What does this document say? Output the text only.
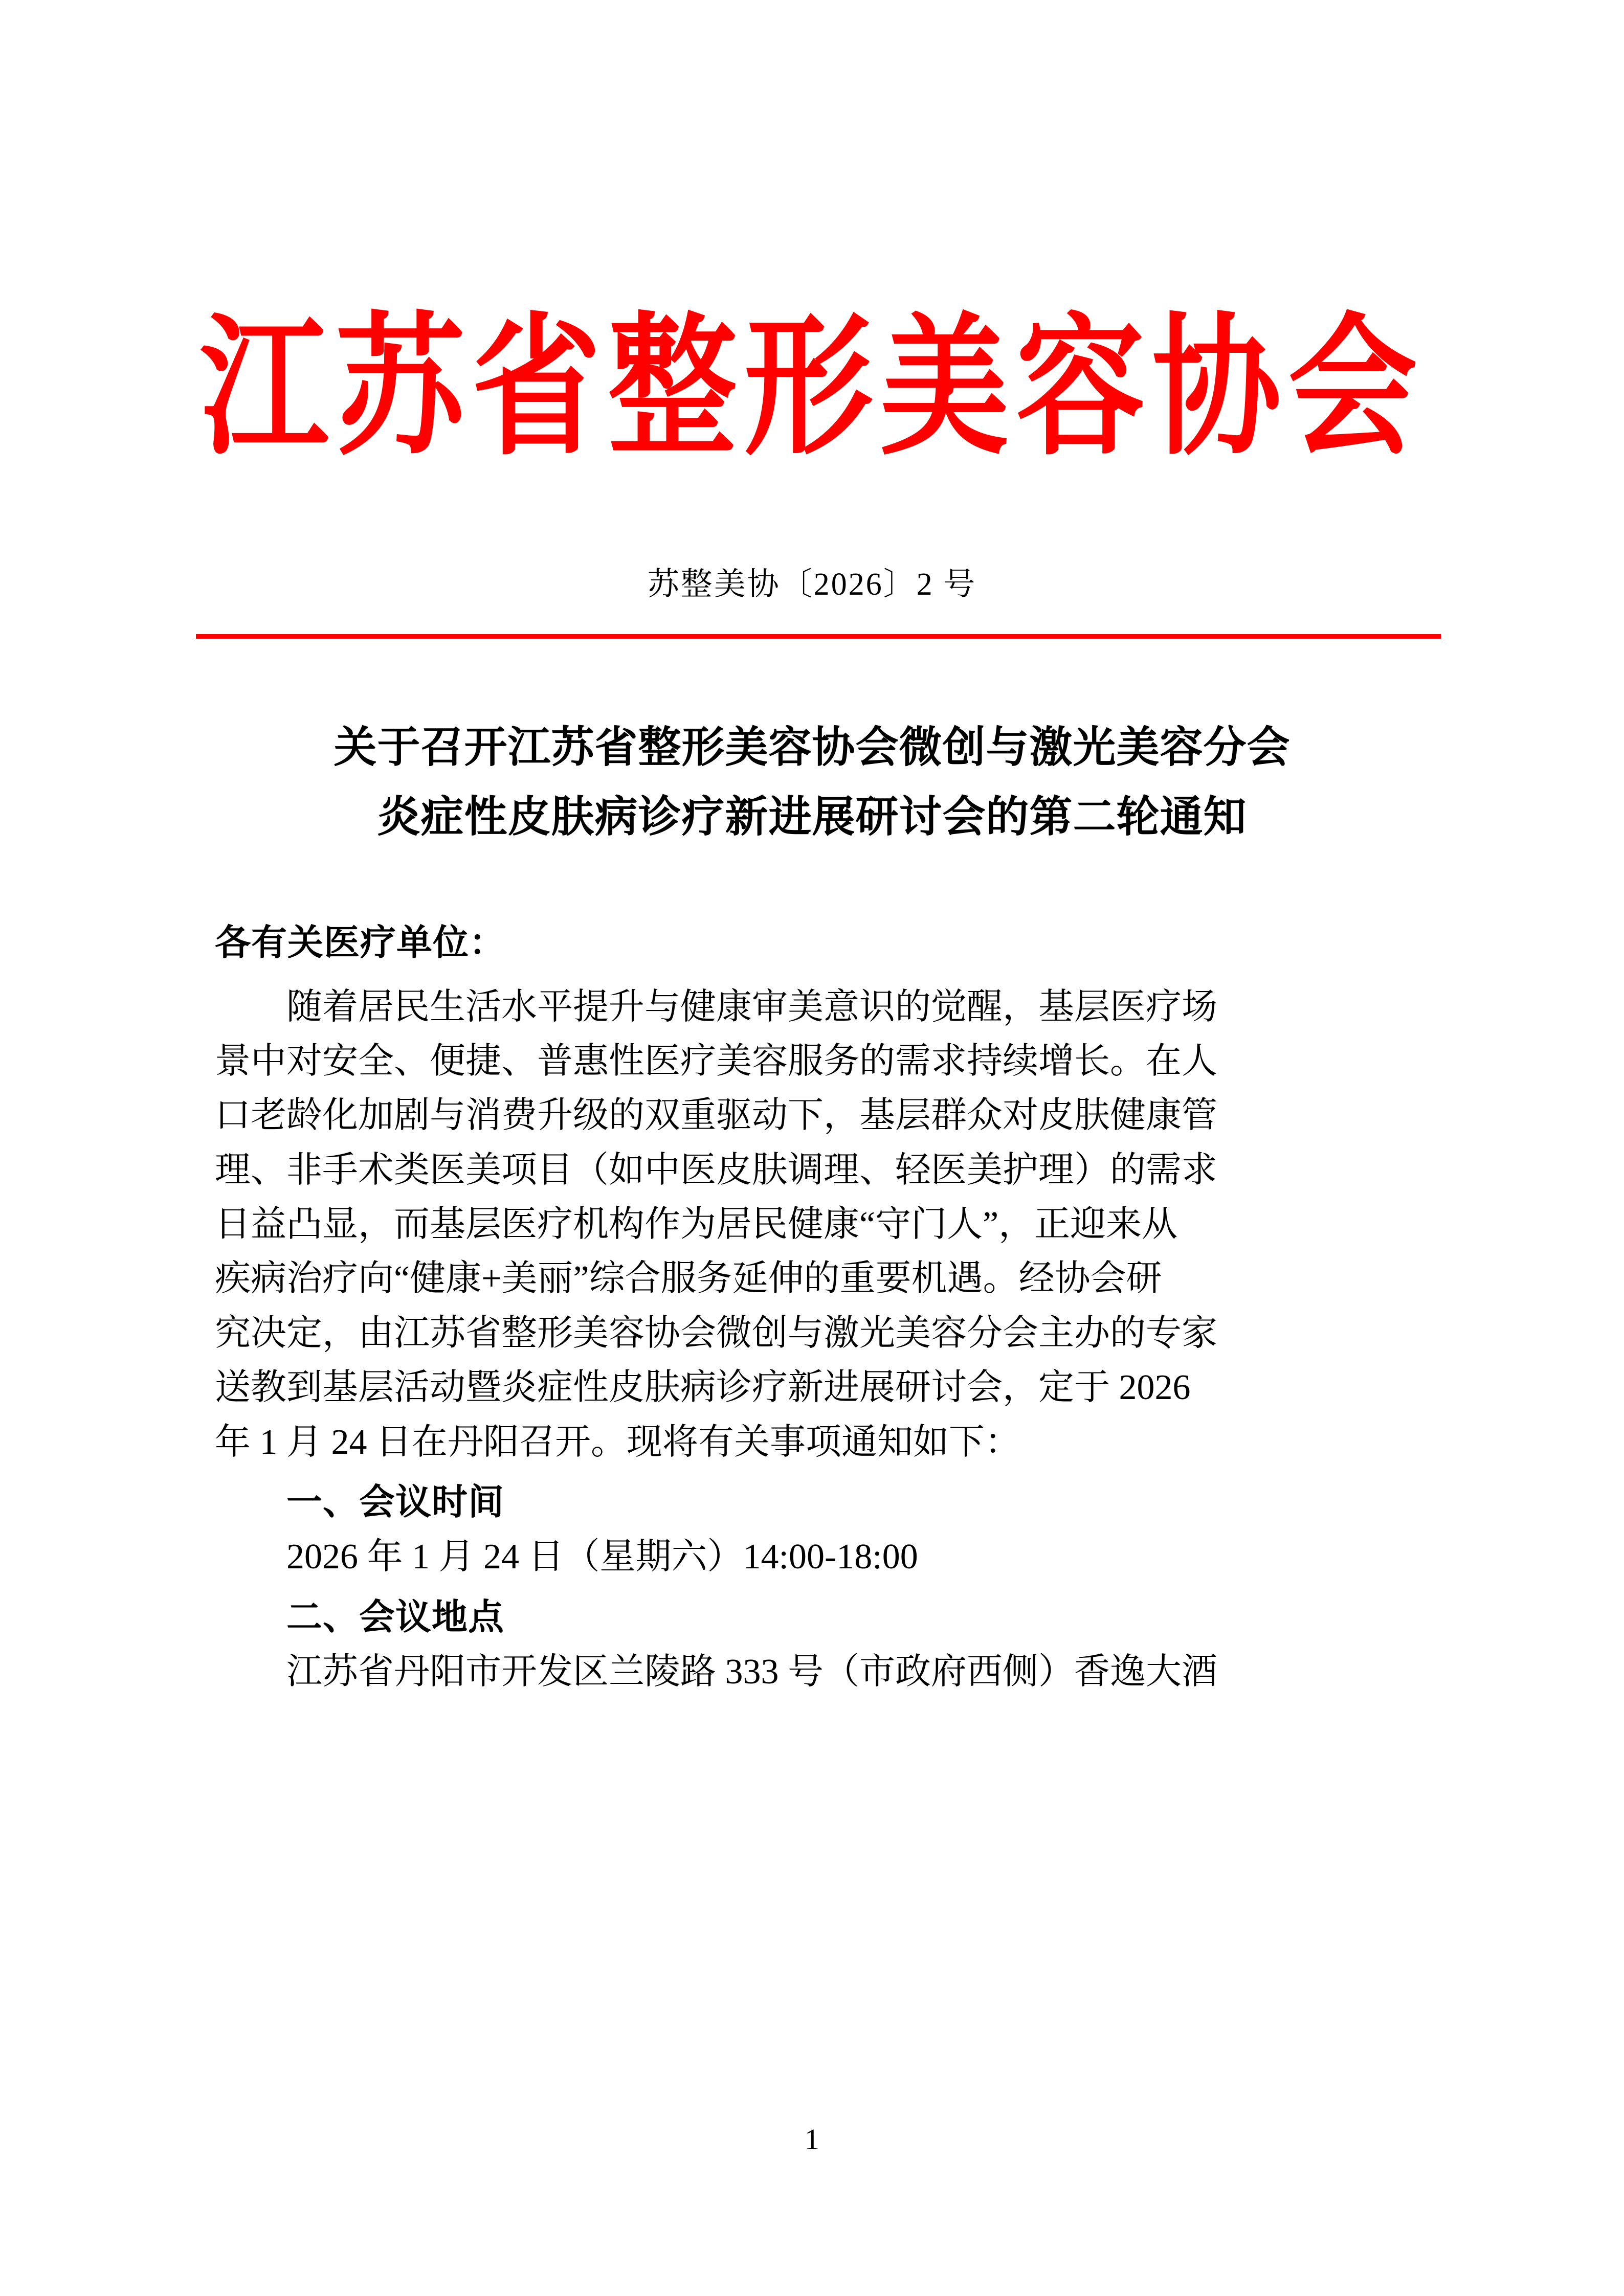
江苏省整形美容协会
苏整美协〔2026〕2 号
关于召开江苏省整形美容协会微创与激光美容分会
炎症性皮肤病诊疗新进展研讨会的第二轮通知

各有关医疗单位：

　　随着居民生活水平提升与健康审美意识的觉醒，基层医疗场

景中对安全、便捷、普惠性医疗美容服务的需求持续增长。在人

口老龄化加剧与消费升级的双重驱动下，基层群众对皮肤健康管

理、非手术类医美项目（如中医皮肤调理、轻医美护理）的需求

日益凸显，而基层医疗机构作为居民健康“守门人”，正迎来从

疾病治疗向“健康+美丽”综合服务延伸的重要机遇。经协会研

究决定，由江苏省整形美容协会微创与激光美容分会主办的专家

送教到基层活动暨炎症性皮肤病诊疗新进展研讨会，定于 2026

年 1 月 24 日在丹阳召开。现将有关事项通知如下：

一、会议时间

2026 年 1 月 24 日（星期六）14:00-18:00

二、会议地点

江苏省丹阳市开发区兰陵路 333 号（市政府西侧）香逸大酒

1
